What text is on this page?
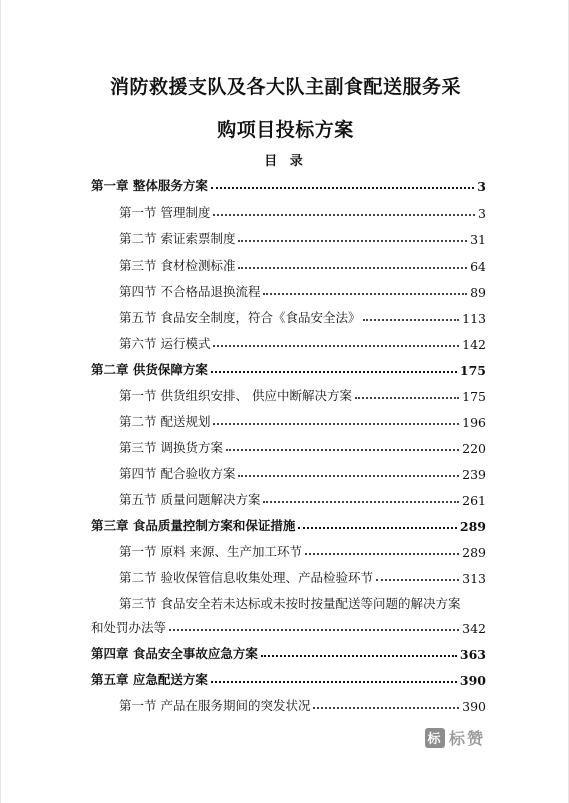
消防救援支队及各大队主副食配送服务采
购项目投标方案
目 录
第一章 整体服务方案	3
第一节 管理制度	3
第二节 索证索票制度	31
第三节 食材检测标准	64
第四节 不合格品退换流程	89
第五节 食品安全制度，符合《食品安全法》	113
第六节 运行模式	142
第二章 供货保障方案	175
第一节 供货组织安排、 供应中断解决方案	175
第二节 配送规划	196
第三节 调换货方案	220
第四节 配合验收方案	239
第五节 质量问题解决方案	261
第三章 食品质量控制方案和保证措施	289
第一节 原料 来源、生产加工环节	289
第二节 验收保管信息收集处理、产品检验环节	313
第三节 食品安全若未达标或未按时按量配送等问题的解决方案
和处罚办法等	342
第四章 食品安全事故应急方案	363
第五章 应急配送方案	390
第一节 产品在服务期间的突发状况	390
标 标赞
